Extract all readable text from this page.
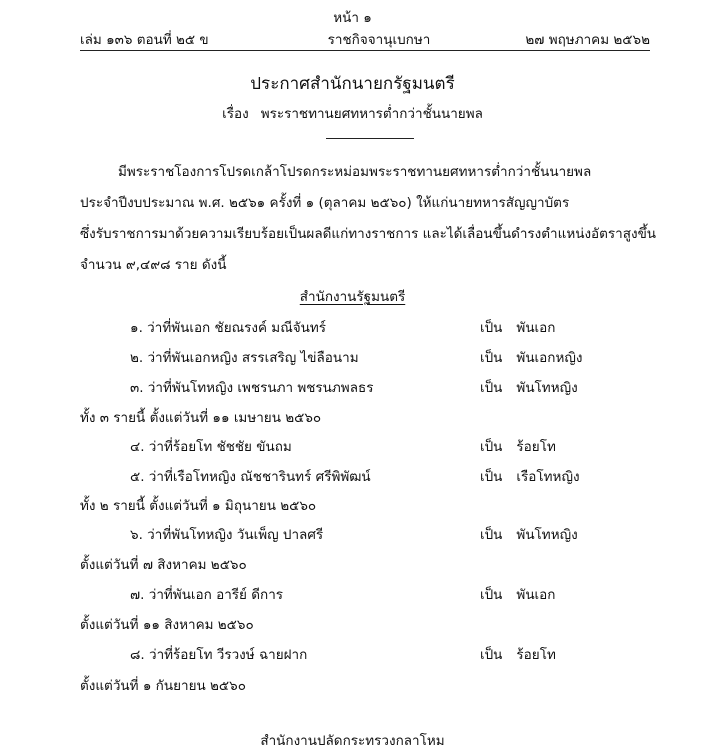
หน้า ๑
เล่ม ๑๓๖ ตอนที่ ๒๕ ข	ราชกิจจานุเบกษา	๒๗ พฤษภาคม ๒๕๖๒
ประกาศสำนักนายกรัฐมนตรี
เรื่อง พระราชทานยศทหารต่ำกว่าชั้นนายพล
มีพระราชโองการโปรดเกล้าโปรดกระหม่อมพระราชทานยศทหารต่ำกว่าชั้นนายพล
ประจำปีงบประมาณ พ.ศ. ๒๕๖๑ ครั้งที่ ๑ (ตุลาคม ๒๕๖๐) ให้แก่นายทหารสัญญาบัตร
ซึ่งรับราชการมาด้วยความเรียบร้อยเป็นผลดีแก่ทางราชการ และได้เลื่อนขึ้นดำรงตำแหน่งอัตราสูงขึ้น
จำนวน ๙,๔๙๘ ราย ดังนี้
สำนักงานรัฐมนตรี
๑. ว่าที่พันเอก ชัยณรงค์ มณีจันทร์	เป็น พันเอก
๒. ว่าที่พันเอกหญิง สรรเสริญ ไข่ลือนาม	เป็น พันเอกหญิง
๓. ว่าที่พันโทหญิง เพชรนภา พชรนภพลธร	เป็น พันโทหญิง
ทั้ง ๓ รายนี้ ตั้งแต่วันที่ ๑๑ เมษายน ๒๕๖๐
๔. ว่าที่ร้อยโท ชัชชัย ขันถม	เป็น ร้อยโท
๕. ว่าที่เรือโทหญิง ณัชชารินทร์ ศรีพิพัฒน์	เป็น เรือโทหญิง
ทั้ง ๒ รายนี้ ตั้งแต่วันที่ ๑ มิถุนายน ๒๕๖๐
๖. ว่าที่พันโทหญิง วันเพ็ญ ปาลศรี	เป็น พันโทหญิง
ตั้งแต่วันที่ ๗ สิงหาคม ๒๕๖๐
๗. ว่าที่พันเอก อารีย์ ดีการ	เป็น พันเอก
ตั้งแต่วันที่ ๑๑ สิงหาคม ๒๕๖๐
๘. ว่าที่ร้อยโท วีรวงษ์ ฉายฝาก	เป็น ร้อยโท
ตั้งแต่วันที่ ๑ กันยายน ๒๕๖๐
สำนักงานปลัดกระทรวงกลาโหม
